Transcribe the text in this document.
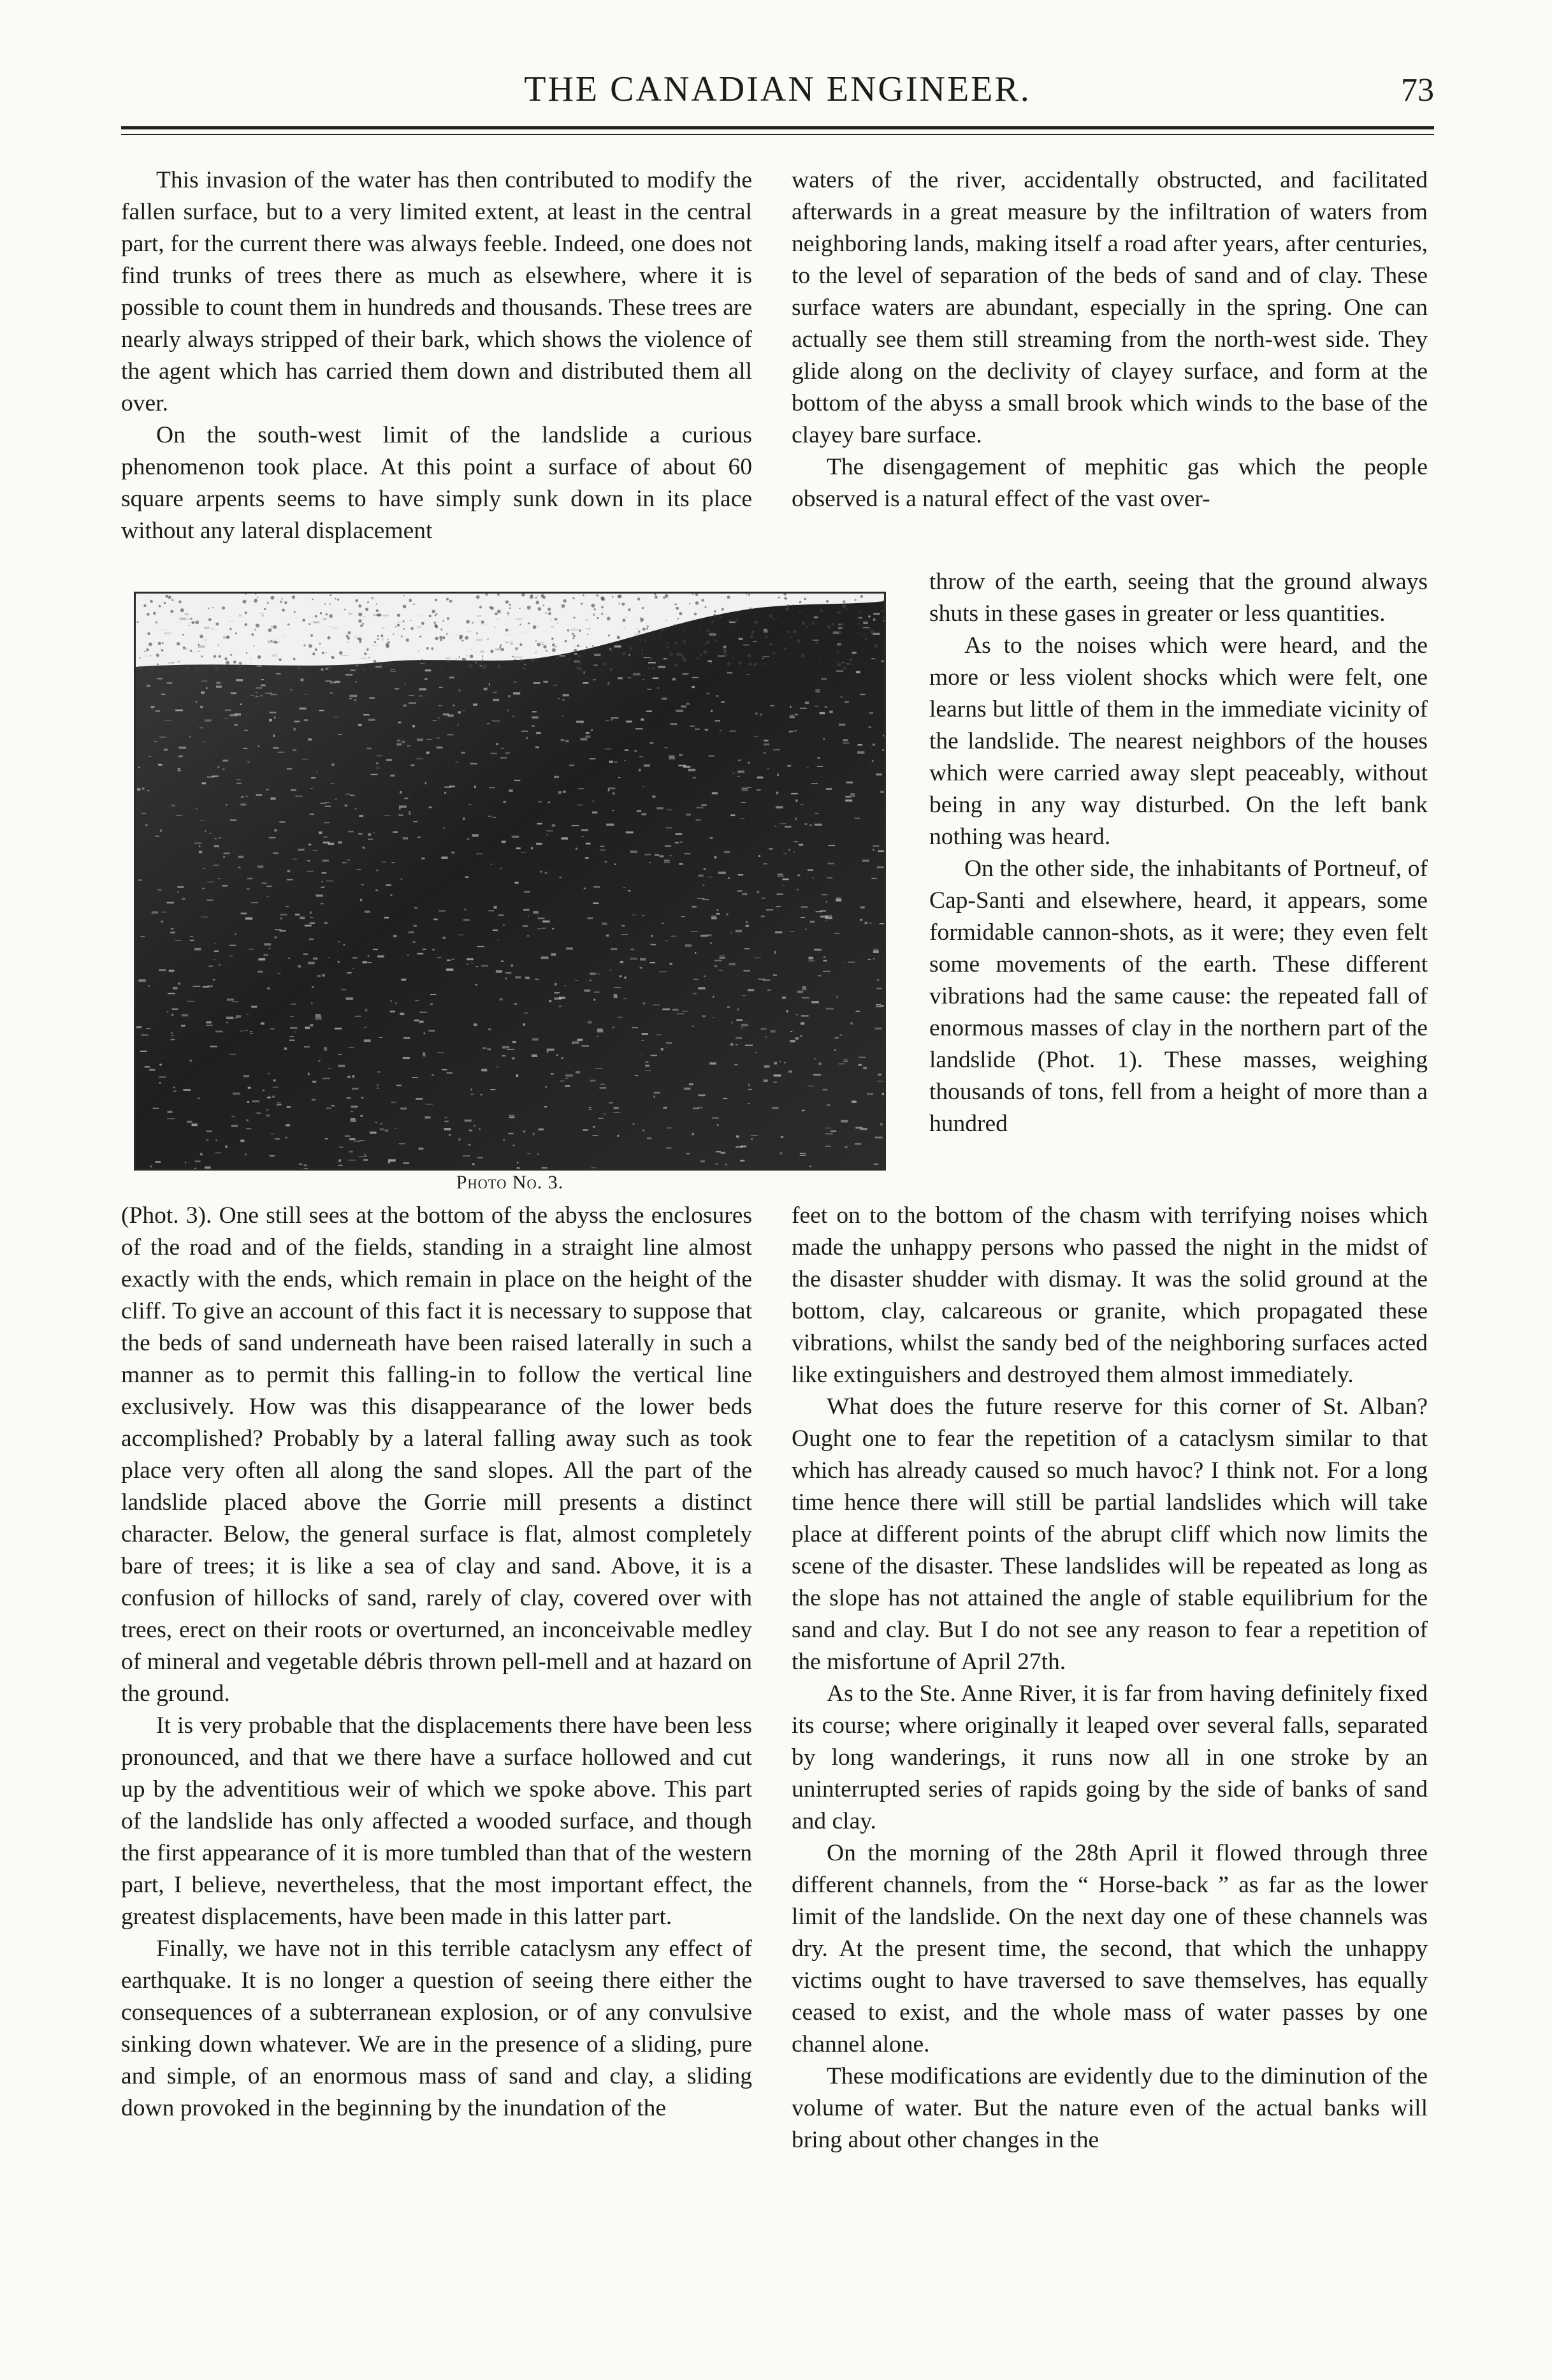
THE CANADIAN ENGINEER.	73

This invasion of the water has then contributed to modify the fallen surface, but to a very limited extent, at least in the central part, for the current there was always feeble. Indeed, one does not find trunks of trees there as much as elsewhere, where it is possible to count them in hundreds and thousands. These trees are nearly always stripped of their bark, which shows the violence of the agent which has carried them down and distributed them all over.

On the south-west limit of the landslide a curious phenomenon took place. At this point a surface of about 60 square arpents seems to have simply sunk down in its place without any lateral displacement

Photo No. 3.

(Phot. 3). One still sees at the bottom of the abyss the enclosures of the road and of the fields, standing in a straight line almost exactly with the ends, which remain in place on the height of the cliff. To give an account of this fact it is necessary to suppose that the beds of sand underneath have been raised laterally in such a manner as to permit this falling-in to follow the vertical line exclusively. How was this disappearance of the lower beds accomplished? Probably by a lateral falling away such as took place very often all along the sand slopes. All the part of the landslide placed above the Gorrie mill presents a distinct character. Below, the general surface is flat, almost completely bare of trees; it is like a sea of clay and sand. Above, it is a confusion of hillocks of sand, rarely of clay, covered over with trees, erect on their roots or overturned, an inconceivable medley of mineral and vegetable débris thrown pell-mell and at hazard on the ground.

It is very probable that the displacements there have been less pronounced, and that we there have a surface hollowed and cut up by the adventitious weir of which we spoke above. This part of the landslide has only affected a wooded surface, and though the first appearance of it is more tumbled than that of the western part, I believe, nevertheless, that the most important effect, the greatest displacements, have been made in this latter part.

Finally, we have not in this terrible cataclysm any effect of earthquake. It is no longer a question of seeing there either the consequences of a subterranean explosion, or of any convulsive sinking down whatever. We are in the presence of a sliding, pure and simple, of an enormous mass of sand and clay, a sliding down provoked in the beginning by the inundation of the

waters of the river, accidentally obstructed, and facilitated afterwards in a great measure by the infiltration of waters from neighboring lands, making itself a road after years, after centuries, to the level of separation of the beds of sand and of clay. These surface waters are abundant, especially in the spring. One can actually see them still streaming from the north-west side. They glide along on the declivity of clayey surface, and form at the bottom of the abyss a small brook which winds to the base of the clayey bare surface.

The disengagement of mephitic gas which the people observed is a natural effect of the vast over-

throw of the earth, seeing that the ground always shuts in these gases in greater or less quantities.

As to the noises which were heard, and the more or less violent shocks which were felt, one learns but little of them in the immediate vicinity of the landslide. The nearest neighbors of the houses which were carried away slept peaceably, without being in any way disturbed. On the left bank nothing was heard.

On the other side, the inhabitants of Portneuf, of Cap-Santi and elsewhere, heard, it appears, some formidable cannon-shots, as it were; they even felt some movements of the earth. These different vibrations had the same cause: the repeated fall of enormous masses of clay in the northern part of the landslide (Phot. 1). These masses, weighing thousands of tons, fell from a height of more than a hundred

feet on to the bottom of the chasm with terrifying noises which made the unhappy persons who passed the night in the midst of the disaster shudder with dismay. It was the solid ground at the bottom, clay, calcareous or granite, which propagated these vibrations, whilst the sandy bed of the neighboring surfaces acted like extinguishers and destroyed them almost immediately.

What does the future reserve for this corner of St. Alban? Ought one to fear the repetition of a cataclysm similar to that which has already caused so much havoc? I think not. For a long time hence there will still be partial landslides which will take place at different points of the abrupt cliff which now limits the scene of the disaster. These landslides will be repeated as long as the slope has not attained the angle of stable equilibrium for the sand and clay. But I do not see any reason to fear a repetition of the misfortune of April 27th.

As to the Ste. Anne River, it is far from having definitely fixed its course; where originally it leaped over several falls, separated by long wanderings, it runs now all in one stroke by an uninterrupted series of rapids going by the side of banks of sand and clay.

On the morning of the 28th April it flowed through three different channels, from the “ Horse-back ” as far as the lower limit of the landslide. On the next day one of these channels was dry. At the present time, the second, that which the unhappy victims ought to have traversed to save themselves, has equally ceased to exist, and the whole mass of water passes by one channel alone.

These modifications are evidently due to the diminution of the volume of water. But the nature even of the actual banks will bring about other changes in the
